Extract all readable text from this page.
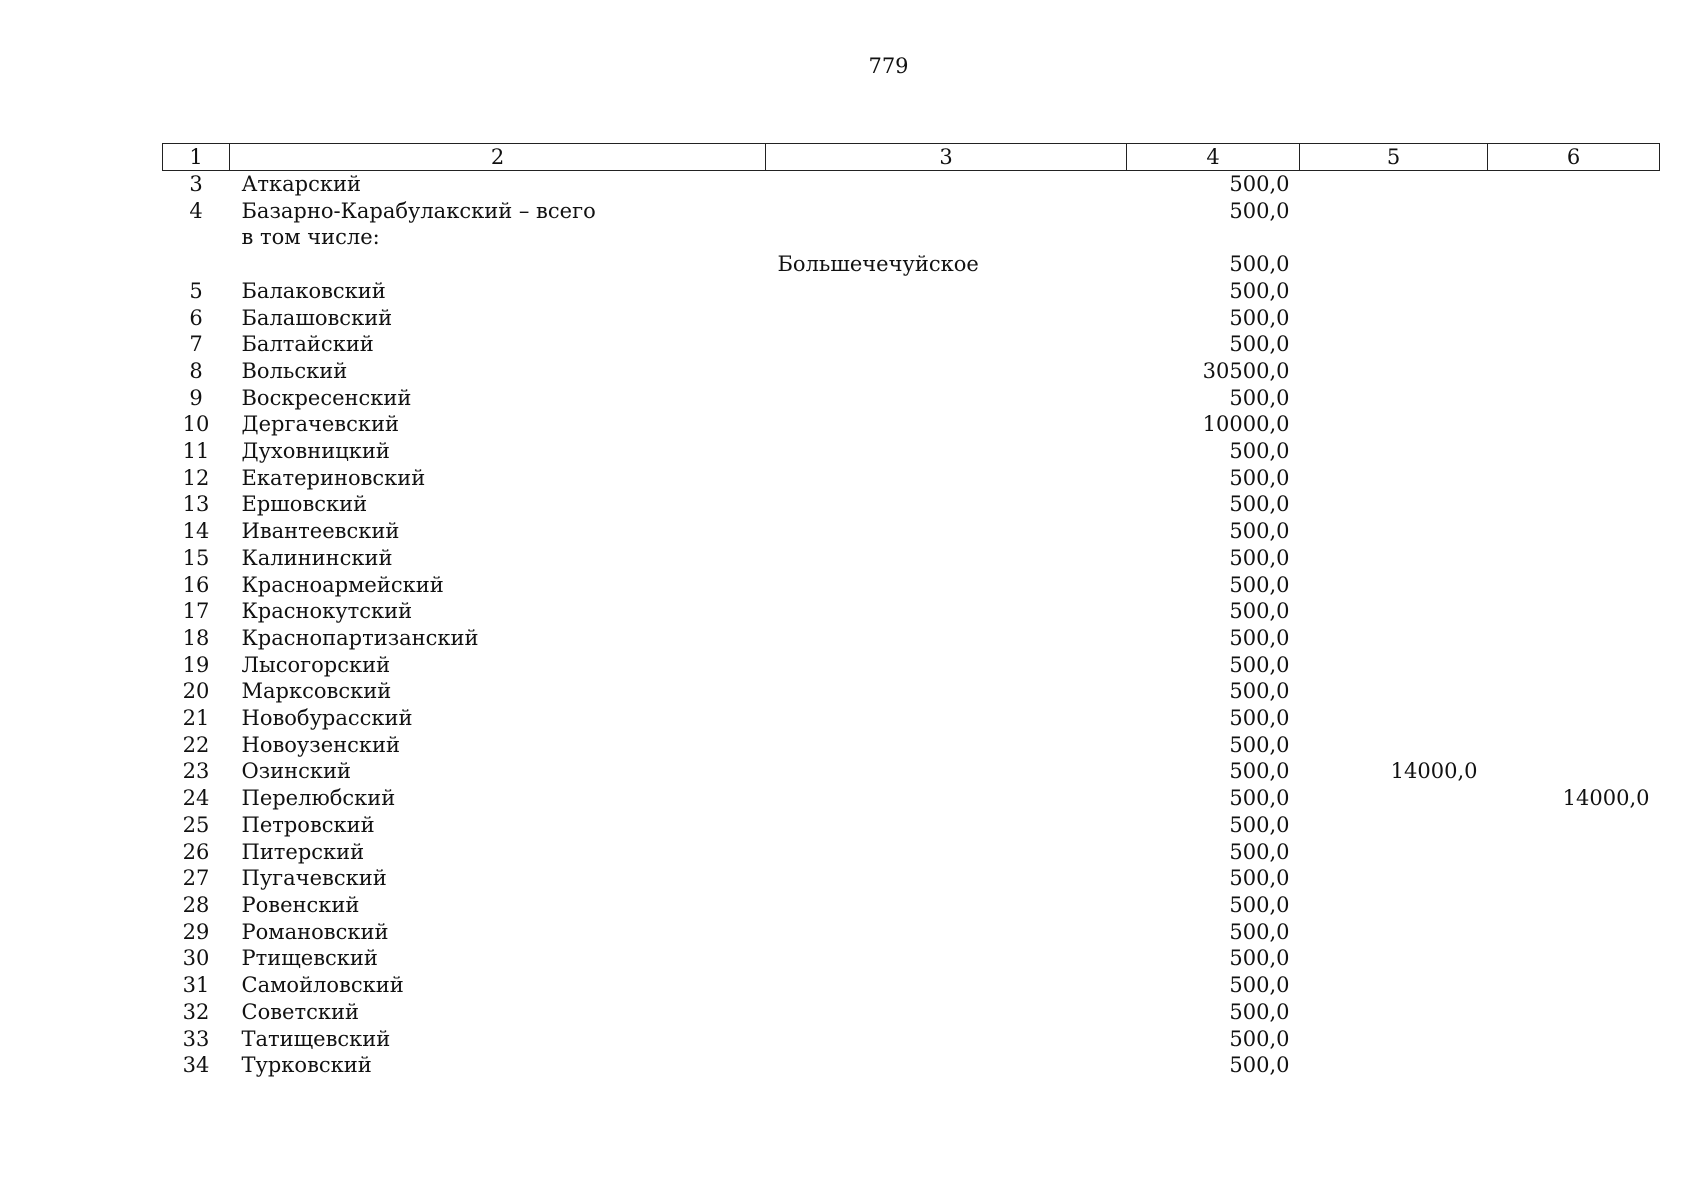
779
1	2	3	4	5	6
3	Аткарский		500,0		
4	Базарно-Карабулакский – всего		500,0		
	в том числе:				
		Большечечуйское	500,0		
5	Балаковский		500,0		
6	Балашовский		500,0		
7	Балтайский		500,0		
8	Вольский		30500,0		
9	Воскресенский		500,0		
10	Дергачевский		10000,0		
11	Духовницкий		500,0		
12	Екатериновский		500,0		
13	Ершовский		500,0		
14	Ивантеевский		500,0		
15	Калининский		500,0		
16	Красноармейский		500,0		
17	Краснокутский		500,0		
18	Краснопартизанский		500,0		
19	Лысогорский		500,0		
20	Марксовский		500,0		
21	Новобурасский		500,0		
22	Новоузенский		500,0		
23	Озинский		500,0	14000,0	
24	Перелюбский		500,0		14000,0
25	Петровский		500,0		
26	Питерский		500,0		
27	Пугачевский		500,0		
28	Ровенский		500,0		
29	Романовский		500,0		
30	Ртищевский		500,0		
31	Самойловский		500,0		
32	Советский		500,0		
33	Татищевский		500,0		
34	Турковский		500,0		
